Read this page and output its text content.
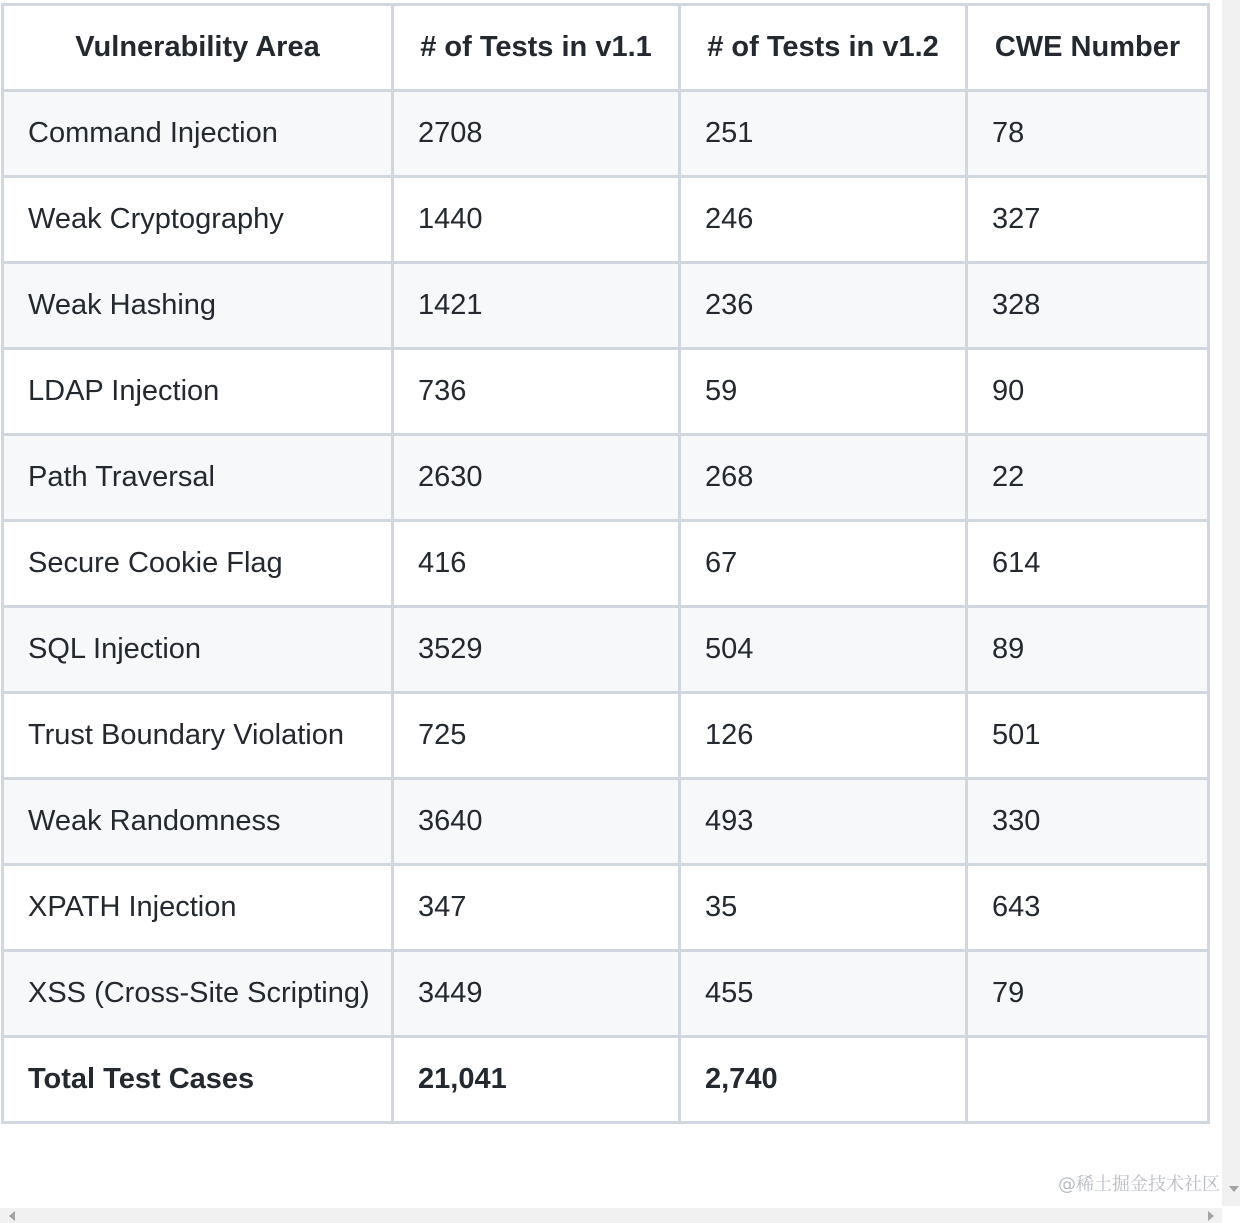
Vulnerability Area	# of Tests in v1.1	# of Tests in v1.2	CWE Number
Command Injection	2708	251	78
Weak Cryptography	1440	246	327
Weak Hashing	1421	236	328
LDAP Injection	736	59	90
Path Traversal	2630	268	22
Secure Cookie Flag	416	67	614
SQL Injection	3529	504	89
Trust Boundary Violation	725	126	501
Weak Randomness	3640	493	330
XPATH Injection	347	35	643
XSS (Cross-Site Scripting)	3449	455	79
Total Test Cases	21,041	2,740	
@稀土掘金技术社区
